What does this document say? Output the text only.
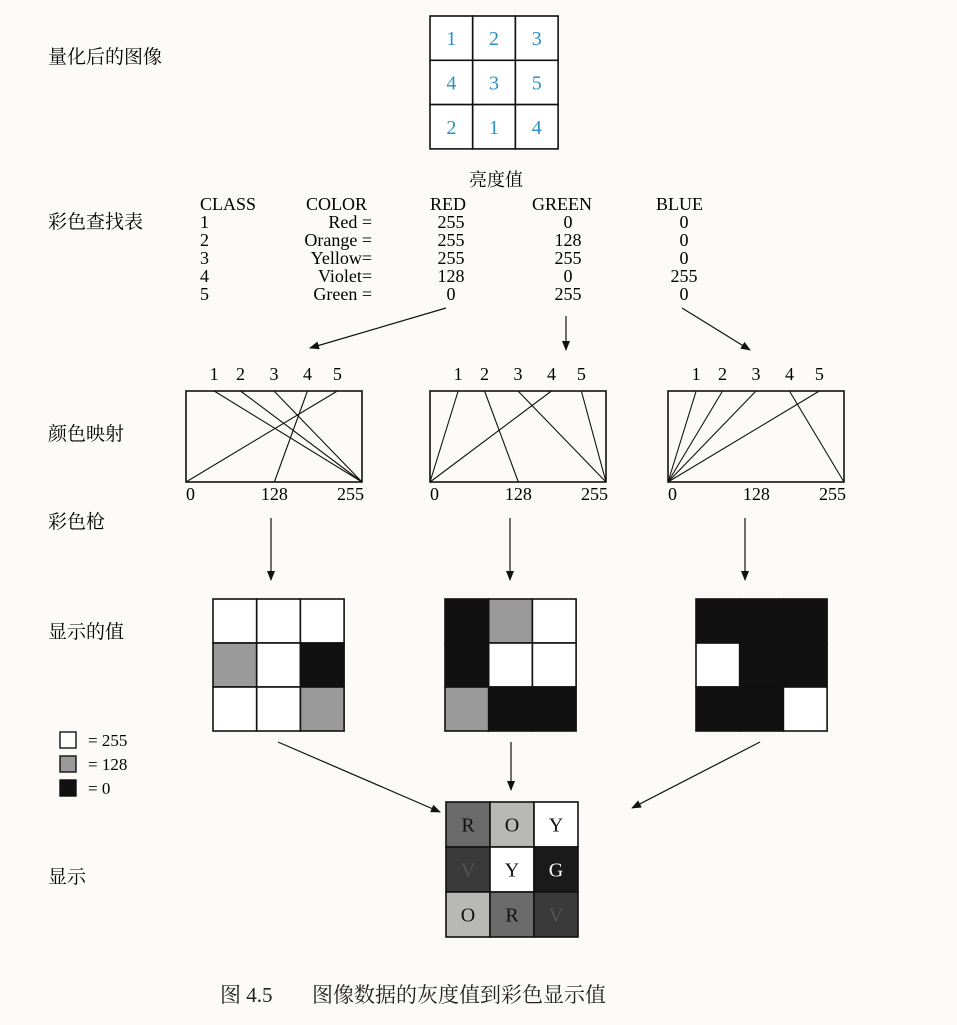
量化后的图像
彩色查找表
颜色映射
彩色枪
显示的值
显示
1 2 3
4 3 5
2 1 4
亮度值
CLASS	COLOR	RED	GREEN	BLUE
1	Red =	255	0	0
2	Orange =	255	128	0
3	Yellow=	255	255	0
4	Violet=	128	0	255
5	Green =	0	255	0
1 2 3 4 5
0	128	255
1 2 3 4 5
0	128	255
1 2 3 4 5
0	128	255
= 255
= 128
= 0
R O Y
V Y G
O R V
图 4.5 图像数据的灰度值到彩色显示值
